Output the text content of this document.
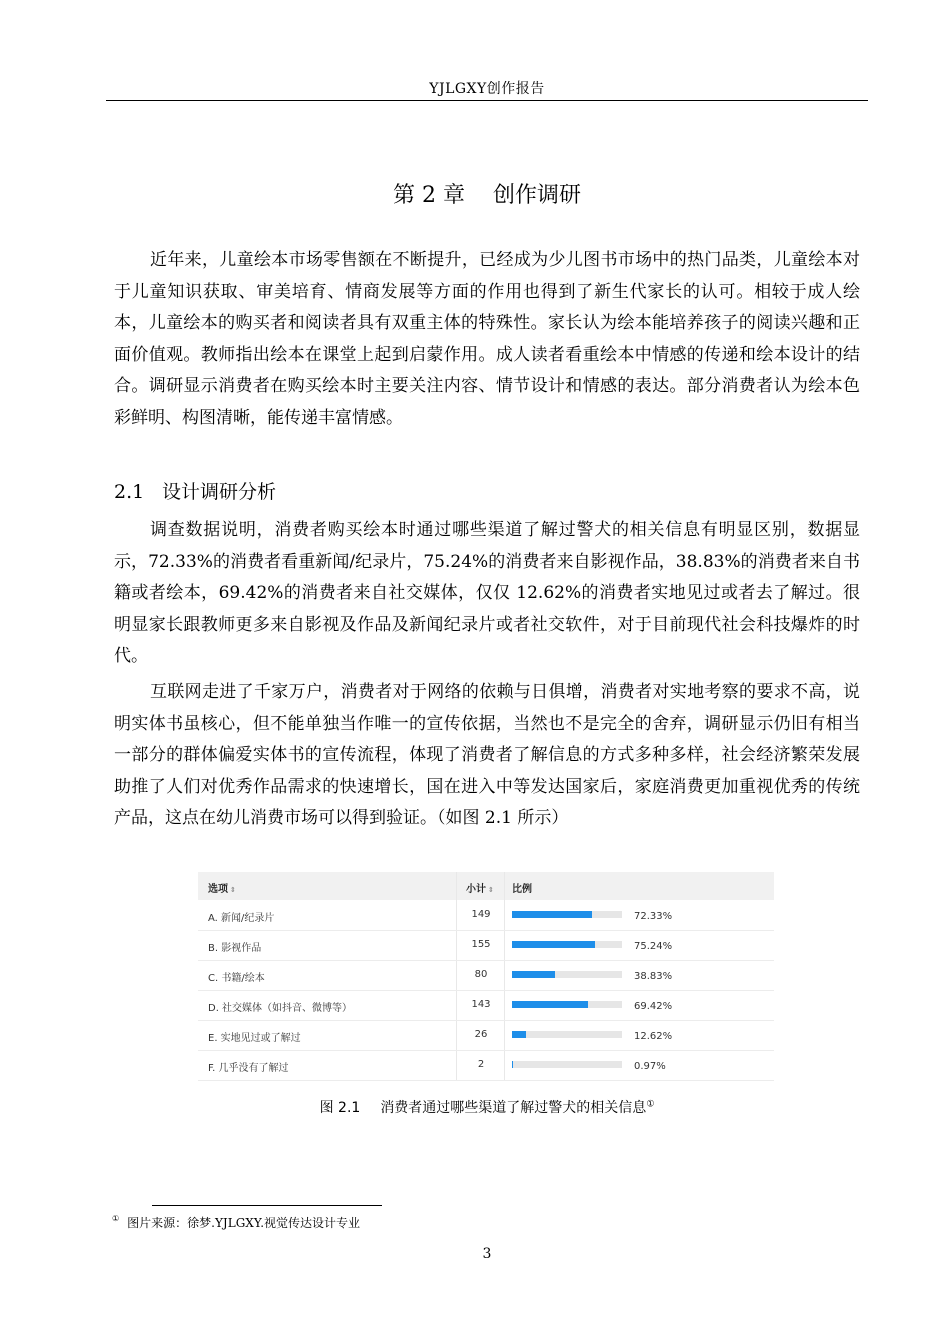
YJLGXY创作报告
第 2 章 创作调研

近年来，儿童绘本市场零售额在不断提升，已经成为少儿图书市场中的热门品类，儿童绘本对于儿童知识获取、审美培育、情商发展等方面的作用也得到了新生代家长的认可。相较于成人绘本，儿童绘本的购买者和阅读者具有双重主体的特殊性。家长认为绘本能培养孩子的阅读兴趣和正面价值观。教师指出绘本在课堂上起到启蒙作用。成人读者看重绘本中情感的传递和绘本设计的结合。调研显示消费者在购买绘本时主要关注内容、情节设计和情感的表达。部分消费者认为绘本色彩鲜明、构图清晰，能传递丰富情感。

2.1 设计调研分析

调查数据说明，消费者购买绘本时通过哪些渠道了解过警犬的相关信息有明显区别，数据显示，72.33%的消费者看重新闻/纪录片，75.24%的消费者来自影视作品，38.83%的消费者来自书籍或者绘本，69.42%的消费者来自社交媒体，仅仅 12.62%的消费者实地见过或者去了解过。很明显家长跟教师更多来自影视及作品及新闻纪录片或者社交软件，对于目前现代社会科技爆炸的时代。

互联网走进了千家万户，消费者对于网络的依赖与日俱增，消费者对实地考察的要求不高，说明实体书虽核心，但不能单独当作唯一的宣传依据，当然也不是完全的舍弃，调研显示仍旧有相当一部分的群体偏爱实体书的宣传流程，体现了消费者了解信息的方式多种多样，社会经济繁荣发展助推了人们对优秀作品需求的快速增长，国在进入中等发达国家后，家庭消费更加重视优秀的传统产品，这点在幼儿消费市场可以得到验证。（如图 2.1 所示）

选项 ⇕	小计 ⇕ 比例
A. 新闻/纪录片	149	72.33%
B. 影视作品	155	75.24%
C. 书籍/绘本	80	38.83%
D. 社交媒体（如抖音、微博等）	143	69.42%
E. 实地见过或了解过	26	12.62%
F. 几乎没有了解过	2	0.97%
图 2.1 消费者通过哪些渠道了解过警犬的相关信息①
① 图片来源：徐梦.YJLGXY.视觉传达设计专业
3
